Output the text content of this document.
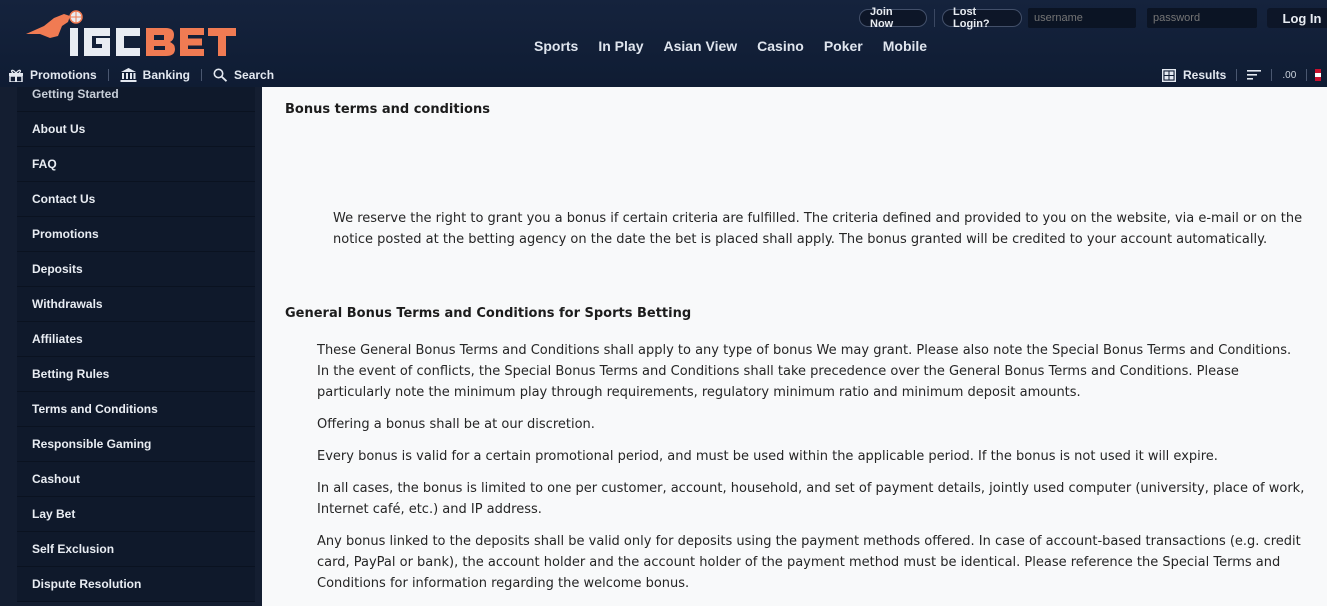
Join Now
Lost Login?
username	Log In
Sports In Play Asian View Casino Poker Mobile
Promotions	Banking	Search	Results	.00
Getting Started
About Us
FAQ
Contact Us
Promotions
Deposits
Withdrawals
Affiliates
Betting Rules
Terms and Conditions
Responsible Gaming
Cashout
Lay Bet
Self Exclusion
Dispute Resolution
Bonus terms and conditions
We reserve the right to grant you a bonus if certain criteria are fulfilled. The criteria defined and provided to you on the website, via e-mail or on the notice posted at the betting agency on the date the bet is placed shall apply. The bonus granted will be credited to your account automatically.
General Bonus Terms and Conditions for Sports Betting
These General Bonus Terms and Conditions shall apply to any type of bonus We may grant. Please also note the Special Bonus Terms and Conditions. In the event of conflicts, the Special Bonus Terms and Conditions shall take precedence over the General Bonus Terms and Conditions. Please particularly note the minimum play through requirements, regulatory minimum ratio and minimum deposit amounts.
Offering a bonus shall be at our discretion.
Every bonus is valid for a certain promotional period, and must be used within the applicable period. If the bonus is not used it will expire.
In all cases, the bonus is limited to one per customer, account, household, and set of payment details, jointly used computer (university, place of work, Internet café, etc.) and IP address.
Any bonus linked to the deposits shall be valid only for deposits using the payment methods offered. In case of account-based transactions (e.g. credit card, PayPal or bank), the account holder and the account holder of the payment method must be identical. Please reference the Special Terms and Conditions for information regarding the welcome bonus.
